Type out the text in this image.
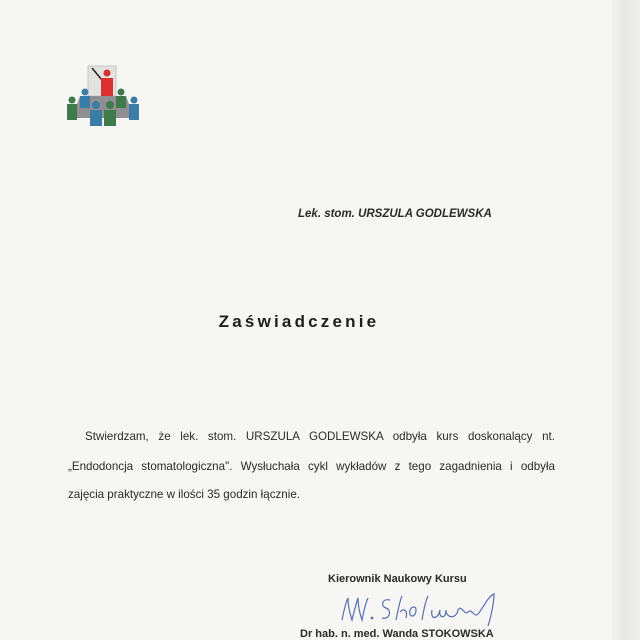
Lek. stom. URSZULA GODLEWSKA
Zaświadczenie
Stwierdzam, że lek. stom. URSZULA GODLEWSKA odbyła kurs doskonalący nt.
„Endodoncja stomatologiczna". Wysłuchała cykl wykładów z tego zagadnienia i odbyła
zajęcia praktyczne w ilości 35 godzin łącznie.
Kierownik Naukowy Kursu
Dr hab. n. med. Wanda STOKOWSKA
